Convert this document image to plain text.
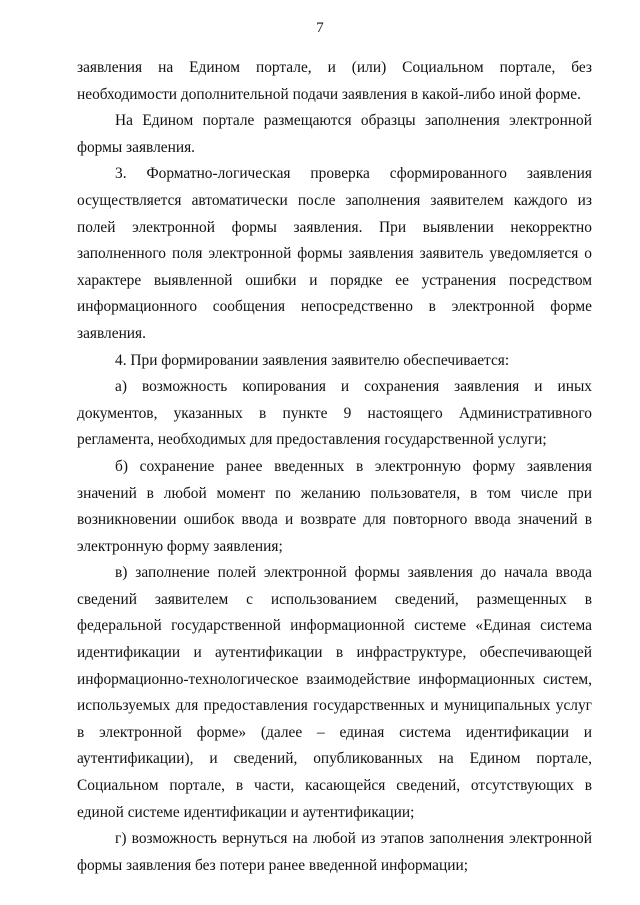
7

заявления на Едином портале, и (или) Социальном портале, без необходимости дополнительной подачи заявления в какой-либо иной форме.

На Едином портале размещаются образцы заполнения электронной формы заявления.

3. Форматно-логическая проверка сформированного заявления осуществляется автоматически после заполнения заявителем каждого из полей электронной формы заявления. При выявлении некорректно заполненного поля электронной формы заявления заявитель уведомляется о характере выявленной ошибки и порядке ее устранения посредством информационного сообщения непосредственно в электронной форме заявления.

4. При формировании заявления заявителю обеспечивается:

а) возможность копирования и сохранения заявления и иных документов, указанных в пункте 9 настоящего Административного регламента, необходимых для предоставления государственной услуги;

б) сохранение ранее введенных в электронную форму заявления значений в любой момент по желанию пользователя, в том числе при возникновении ошибок ввода и возврате для повторного ввода значений в электронную форму заявления;

в) заполнение полей электронной формы заявления до начала ввода сведений заявителем с использованием сведений, размещенных в федеральной государственной информационной системе «Единая система идентификации и аутентификации в инфраструктуре, обеспечивающей информационно-технологическое взаимодействие информационных систем, используемых для предоставления государственных и муниципальных услуг в электронной форме» (далее – единая система идентификации и аутентификации), и сведений, опубликованных на Едином портале, Социальном портале, в части, касающейся сведений, отсутствующих в единой системе идентификации и аутентификации;

г) возможность вернуться на любой из этапов заполнения электронной формы заявления без потери ранее введенной информации;
